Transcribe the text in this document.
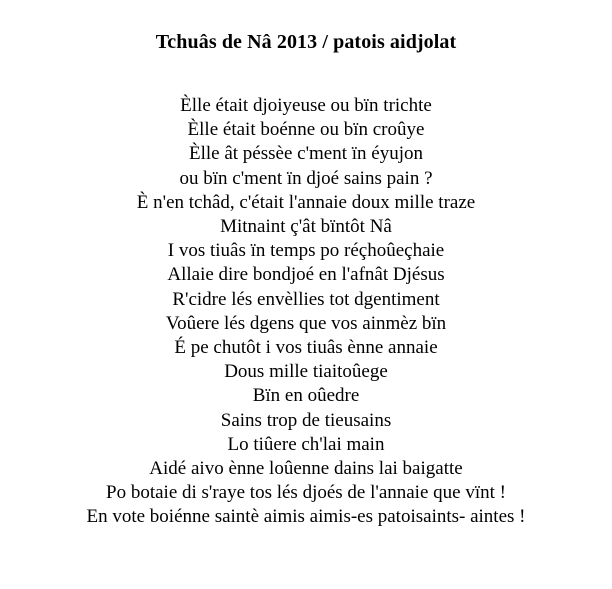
Tchuâs de Nâ 2013 / patois aidjolat
Èlle était djoiyeuse ou bïn trichte
Èlle était boénne ou bïn croûye
Èlle ât péssèe c'ment ïn éyujon
ou bïn c'ment ïn djoé sains pain ?
È n'en tchâd, c'était l'annaie doux mille traze
Mitnaint ç'ât bïntôt Nâ
I vos tiuâs ïn temps po réçhoûeçhaie
Allaie dire bondjoé en l'afnât Djésus
R'cidre lés envèllies tot dgentiment
Voûere lés dgens que vos ainmèz bïn
É pe chutôt i vos tiuâs ènne annaie
Dous mille tiaitoûege
Bïn en oûedre
Sains trop de tieusains
Lo tiûere ch'lai main
Aidé aivo ènne loûenne dains lai baigatte
Po botaie di s'raye tos lés djoés de l'annaie que vïnt !
En vote boiénne saintè aimis aimis-es patoisaints- aintes !
